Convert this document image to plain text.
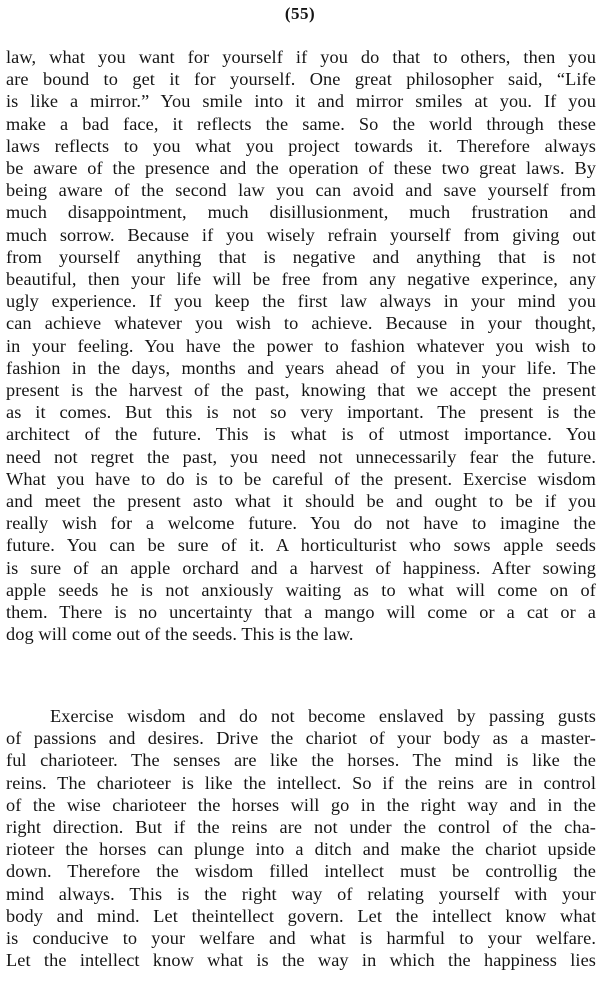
(55)
law, what you want for yourself if you do that to others, then you
are bound to get it for yourself. One great philosopher said, “Life
is like a mirror.” You smile into it and mirror smiles at you. If you
make a bad face, it reflects the same. So the world through these
laws reflects to you what you project towards it. Therefore always
be aware of the presence and the operation of these two great laws. By
being aware of the second law you can avoid and save yourself from
much disappointment, much disillusionment, much frustration and
much sorrow. Because if you wisely refrain yourself from giving out
from yourself anything that is negative and anything that is not
beautiful, then your life will be free from any negative experince, any
ugly experience. If you keep the first law always in your mind you
can achieve whatever you wish to achieve. Because in your thought,
in your feeling. You have the power to fashion whatever you wish to
fashion in the days, months and years ahead of you in your life. The
present is the harvest of the past, knowing that we accept the present
as it comes. But this is not so very important. The present is the
architect of the future. This is what is of utmost importance. You
need not regret the past, you need not unnecessarily fear the future.
What you have to do is to be careful of the present. Exercise wisdom
and meet the present asto what it should be and ought to be if you
really wish for a welcome future. You do not have to imagine the
future. You can be sure of it. A horticulturist who sows apple seeds
is sure of an apple orchard and a harvest of happiness. After sowing
apple seeds he is not anxiously waiting as to what will come on of
them. There is no uncertainty that a mango will come or a cat or a
dog will come out of the seeds. This is the law.
Exercise wisdom and do not become enslaved by passing gusts
of passions and desires. Drive the chariot of your body as a master-
ful charioteer. The senses are like the horses. The mind is like the
reins. The charioteer is like the intellect. So if the reins are in control
of the wise charioteer the horses will go in the right way and in the
right direction. But if the reins are not under the control of the cha-
rioteer the horses can plunge into a ditch and make the chariot upside
down. Therefore the wisdom filled intellect must be controllig the
mind always. This is the right way of relating yourself with your
body and mind. Let theintellect govern. Let the intellect know what
is conducive to your welfare and what is harmful to your welfare.
Let the intellect know what is the way in which the happiness lies
